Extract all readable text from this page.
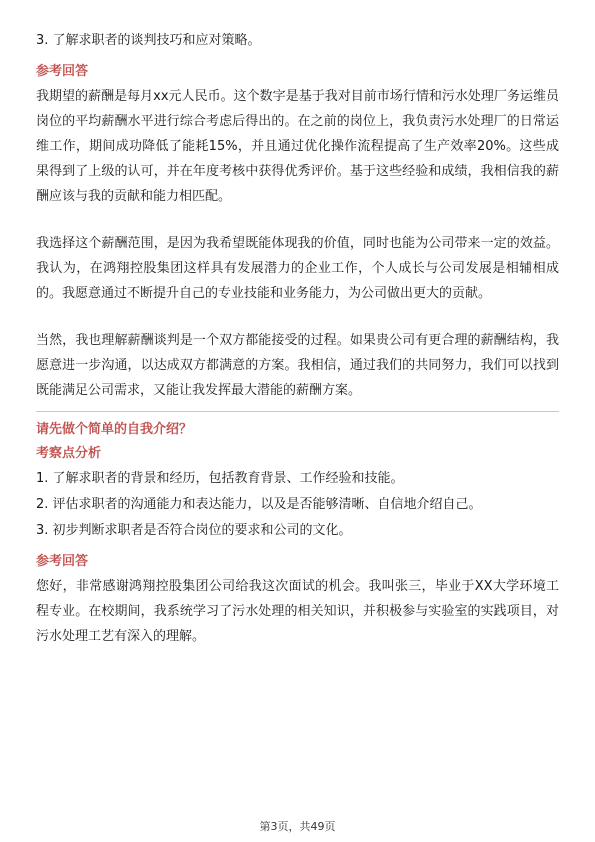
3. 了解求职者的谈判技巧和应对策略。
参考回答

我期望的薪酬是每月xx元人民币。这个数字是基于我对目前市场行情和污水处理厂务运维员岗位的平均薪酬水平进行综合考虑后得出的。在之前的岗位上，我负责污水处理厂的日常运维工作，期间成功降低了能耗15%，并且通过优化操作流程提高了生产效率20%。这些成果得到了上级的认可，并在年度考核中获得优秀评价。基于这些经验和成绩，我相信我的薪酬应该与我的贡献和能力相匹配。

我选择这个薪酬范围，是因为我希望既能体现我的价值，同时也能为公司带来一定的效益。我认为，在鸿翔控股集团这样具有发展潜力的企业工作，个人成长与公司发展是相辅相成的。我愿意通过不断提升自己的专业技能和业务能力，为公司做出更大的贡献。

当然，我也理解薪酬谈判是一个双方都能接受的过程。如果贵公司有更合理的薪酬结构，我愿意进一步沟通，以达成双方都满意的方案。我相信，通过我们的共同努力，我们可以找到既能满足公司需求，又能让我发挥最大潜能的薪酬方案。

请先做个简单的自我介绍？
考察点分析
1. 了解求职者的背景和经历，包括教育背景、工作经验和技能。
2. 评估求职者的沟通能力和表达能力，以及是否能够清晰、自信地介绍自己。
3. 初步判断求职者是否符合岗位的要求和公司的文化。
参考回答

您好，非常感谢鸿翔控股集团公司给我这次面试的机会。我叫张三，毕业于XX大学环境工程专业。在校期间，我系统学习了污水处理的相关知识，并积极参与实验室的实践项目，对污水处理工艺有深入的理解。

第3页，共49页
